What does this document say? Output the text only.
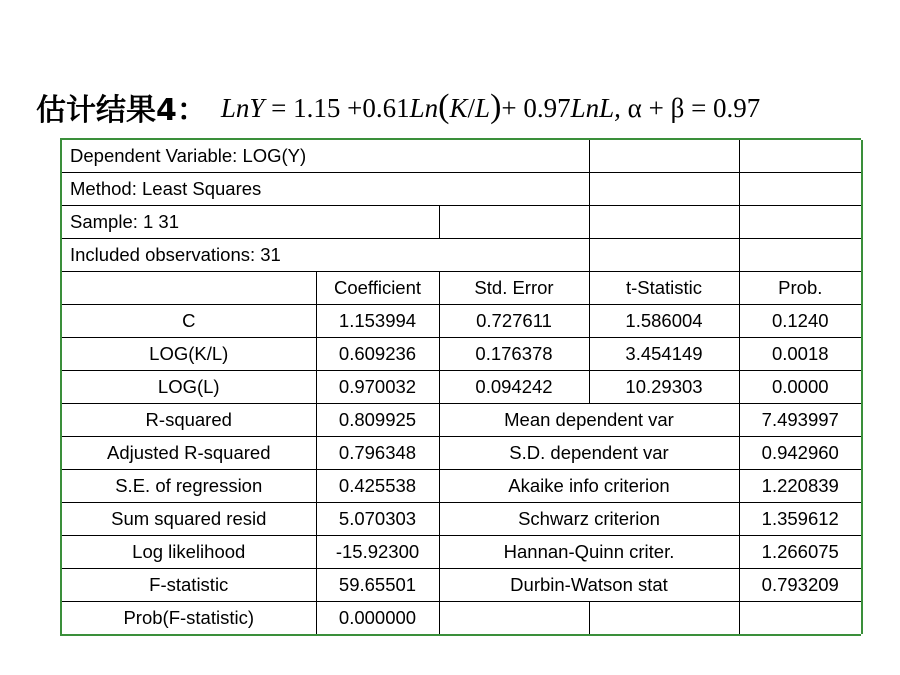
估计结果4： LnY = 1.15 +0.61Ln(K/L)+ 0.97LnL, α + β = 0.97
Dependent Variable: LOG(Y)				
Method: Least Squares				
Sample: 1 31				
Included observations: 31				
	Coefficient	Std. Error	t-Statistic	Prob.
C	1.153994	0.727611	1.586004	0.1240
LOG(K/L)	0.609236	0.176378	3.454149	0.0018
LOG(L)	0.970032	0.094242	10.29303	0.0000
R-squared	0.809925	Mean dependent var		7.493997
Adjusted R-squared	0.796348	S.D. dependent var		0.942960
S.E. of regression	0.425538	Akaike info criterion		1.220839
Sum squared resid	5.070303	Schwarz criterion		1.359612
Log likelihood	-15.92300	Hannan-Quinn criter.		1.266075
F-statistic	59.65501	Durbin-Watson stat		0.793209
Prob(F-statistic)	0.000000			
